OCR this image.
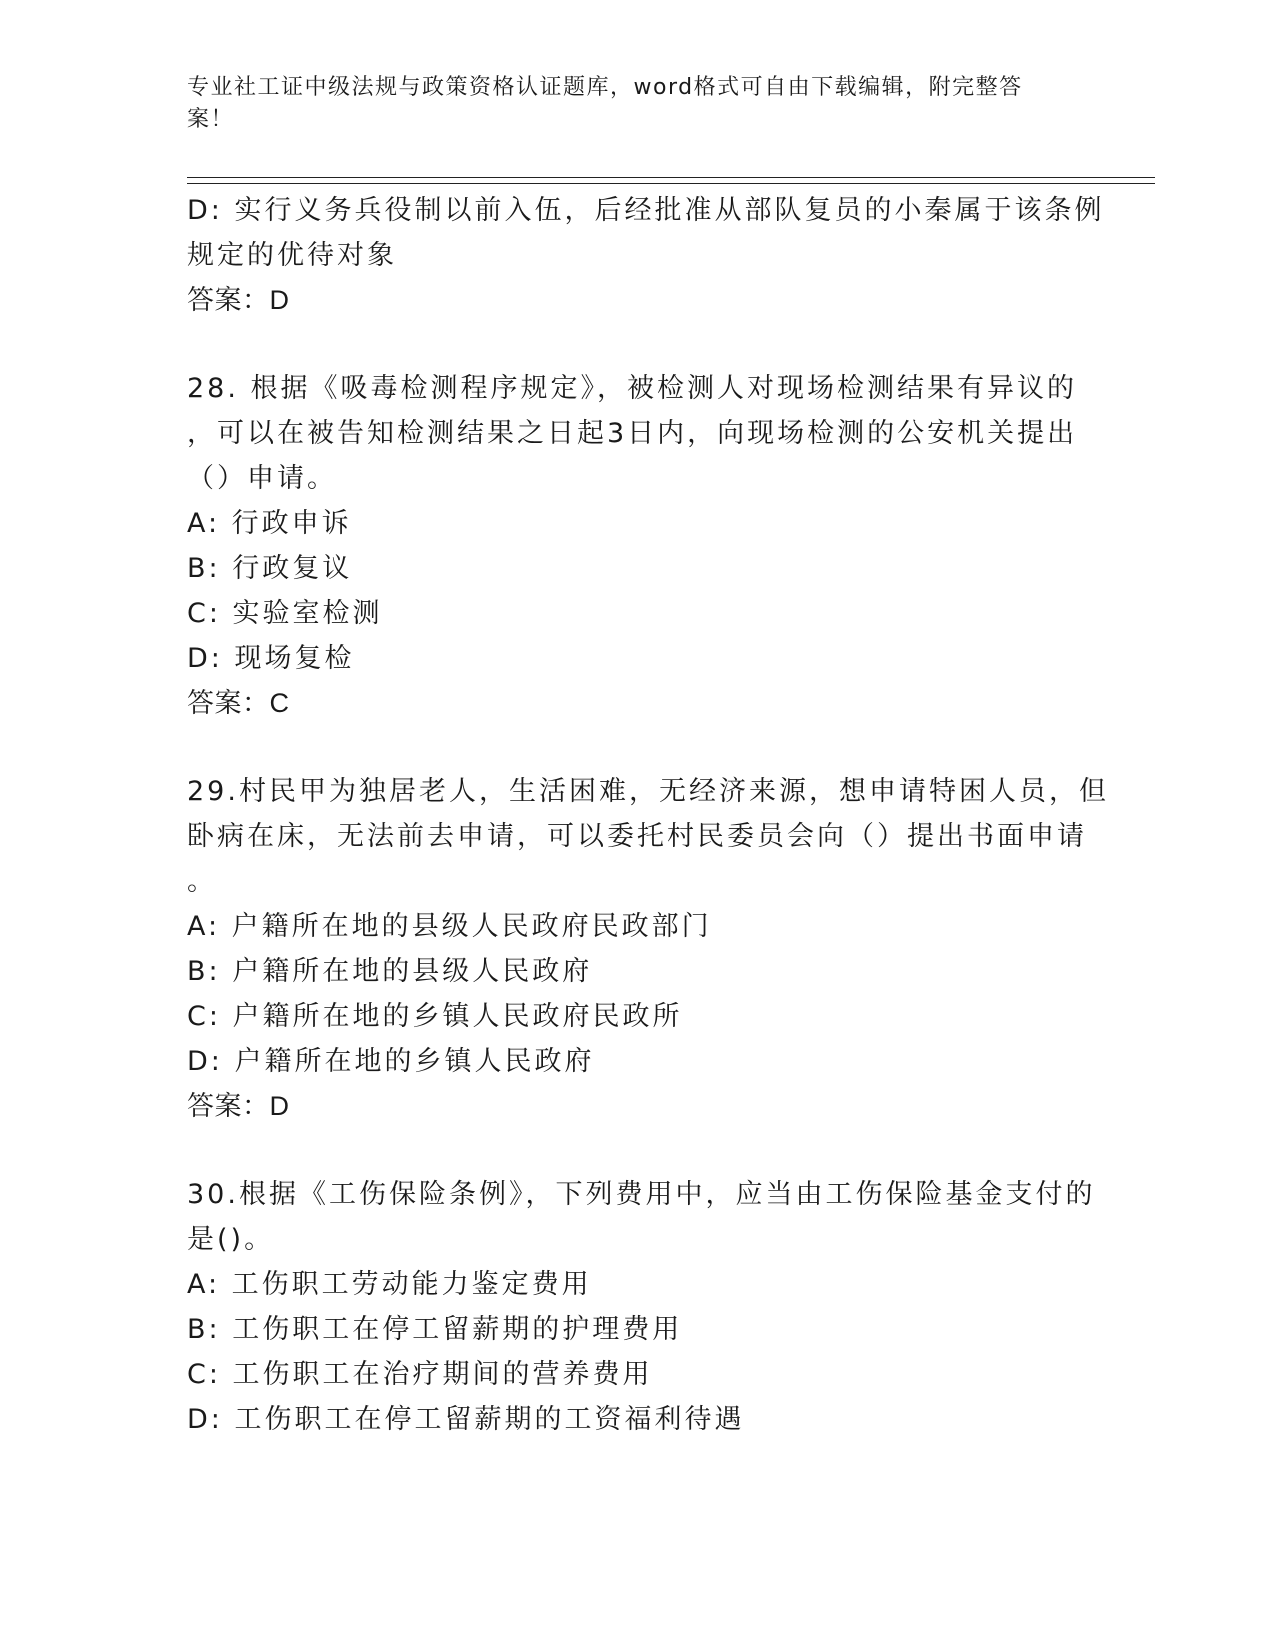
专业社工证中级法规与政策资格认证题库，word格式可自由下载编辑，附完整答
案！
D: 实行义务兵役制以前入伍，后经批准从部队复员的小秦属于该条例
规定的优待对象
答案：D
28. 根据《吸毒检测程序规定》，被检测人对现场检测结果有异议的
，可以在被告知检测结果之日起3日内，向现场检测的公安机关提出
（）申请。
A: 行政申诉
B: 行政复议
C: 实验室检测
D: 现场复检
答案：C
29.村民甲为独居老人，生活困难，无经济来源，想申请特困人员，但
卧病在床，无法前去申请，可以委托村民委员会向（）提出书面申请
。
A: 户籍所在地的县级人民政府民政部门
B: 户籍所在地的县级人民政府
C: 户籍所在地的乡镇人民政府民政所
D: 户籍所在地的乡镇人民政府
答案：D
30.根据《工伤保险条例》，下列费用中，应当由工伤保险基金支付的
是()。
A: 工伤职工劳动能力鉴定费用
B: 工伤职工在停工留薪期的护理费用
C: 工伤职工在治疗期间的营养费用
D: 工伤职工在停工留薪期的工资福利待遇
